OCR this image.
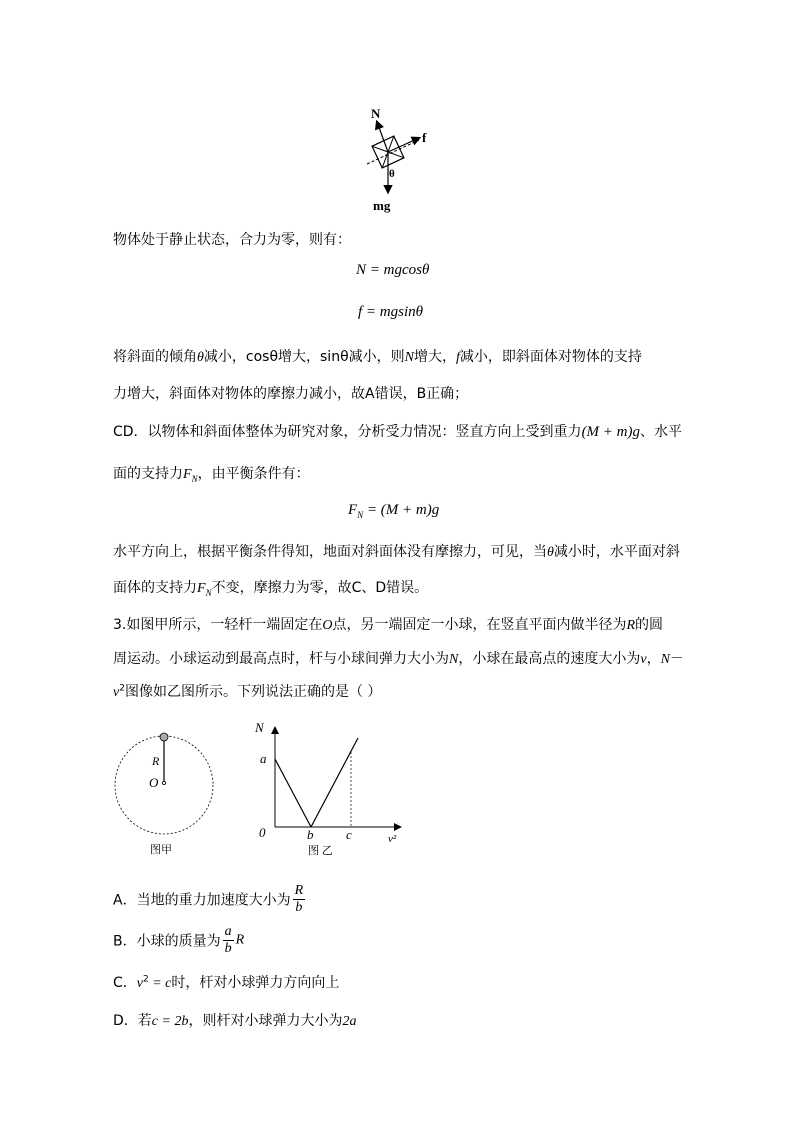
N
f
θ
mg
物体处于静止状态，合力为零，则有：
N = mgcosθ
f = mgsinθ
将斜面的倾角θ减小，cosθ增大，sinθ减小，则N增大，f减小，即斜面体对物体的支持
力增大，斜面体对物体的摩擦力减小，故A错误，B正确；
CD．以物体和斜面体整体为研究对象，分析受力情况：竖直方向上受到重力(M + m)g、水平
面的支持力$F_N$，由平衡条件有：
$F_N = (M + m)g$
水平方向上，根据平衡条件得知，地面对斜面体没有摩擦力，可见，当θ减小时，水平面对斜
面体的支持力$F_N$不变，摩擦力为零，故C、D错误。
3.如图甲所示，一轻杆一端固定在O点，另一端固定一小球，在竖直平面内做半径为R的圆
周运动。小球运动到最高点时，杆与小球间弹力大小为N，小球在最高点的速度大小为v，N－
$v^2$图像如乙图所示。下列说法正确的是（ ）
R
O
图甲
N
a
0	b	c	v²
图 乙
A．当地的重力加速度大小为 $\frac{R}{b}$
B．小球的质量为 $\frac{a}{b}$ R
C．$v^2 = c$时，杆对小球弹力方向向上
D．若c = 2b，则杆对小球弹力大小为2a
